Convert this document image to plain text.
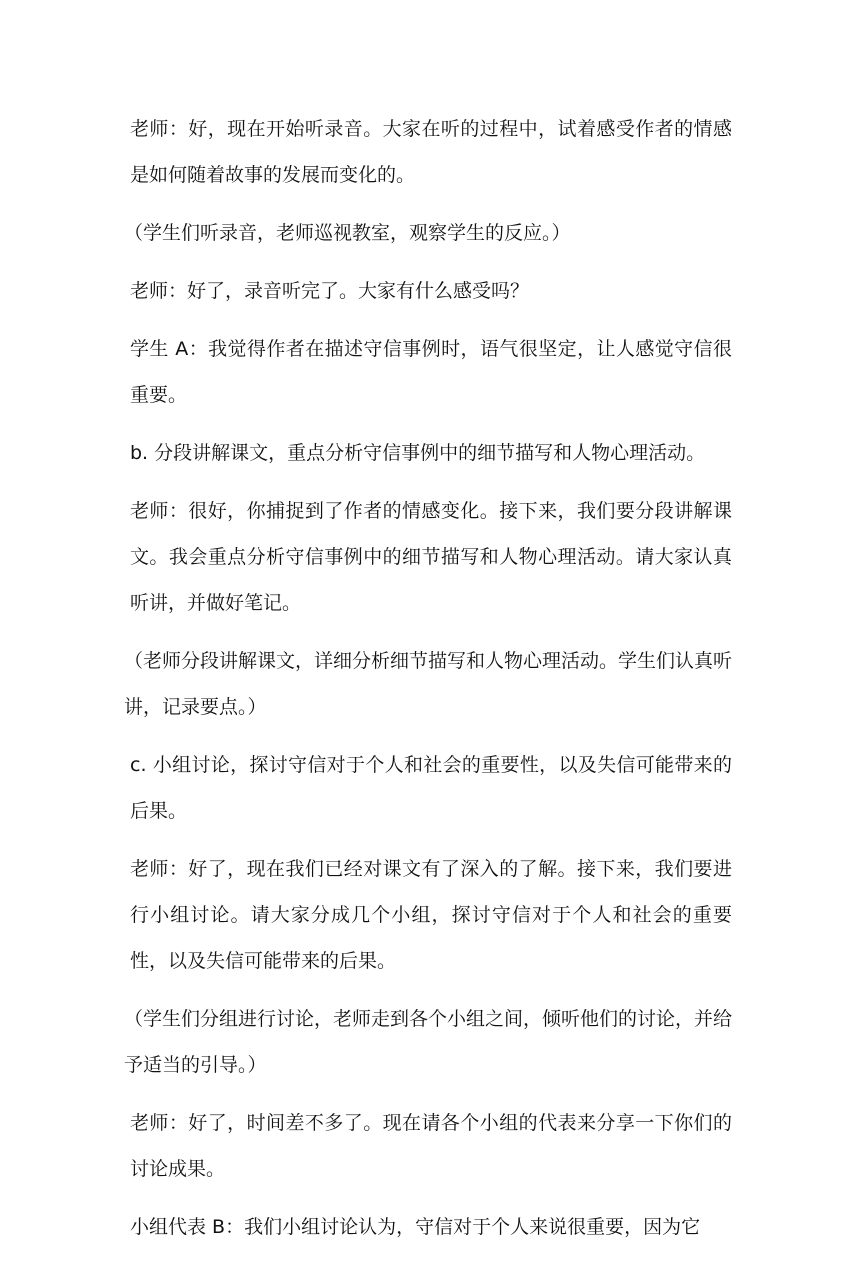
老师：好，现在开始听录音。大家在听的过程中，试着感受作者的情感是如何随着故事的发展而变化的。

（学生们听录音，老师巡视教室，观察学生的反应。）

老师：好了，录音听完了。大家有什么感受吗？

学生 A：我觉得作者在描述守信事例时，语气很坚定，让人感觉守信很重要。

b. 分段讲解课文，重点分析守信事例中的细节描写和人物心理活动。

老师：很好，你捕捉到了作者的情感变化。接下来，我们要分段讲解课文。我会重点分析守信事例中的细节描写和人物心理活动。请大家认真听讲，并做好笔记。

（老师分段讲解课文，详细分析细节描写和人物心理活动。学生们认真听讲，记录要点。）

c. 小组讨论，探讨守信对于个人和社会的重要性，以及失信可能带来的后果。

老师：好了，现在我们已经对课文有了深入的了解。接下来，我们要进行小组讨论。请大家分成几个小组，探讨守信对于个人和社会的重要性，以及失信可能带来的后果。

（学生们分组进行讨论，老师走到各个小组之间，倾听他们的讨论，并给予适当的引导。）

老师：好了，时间差不多了。现在请各个小组的代表来分享一下你们的讨论成果。

小组代表 B：我们小组讨论认为，守信对于个人来说很重要，因为它
